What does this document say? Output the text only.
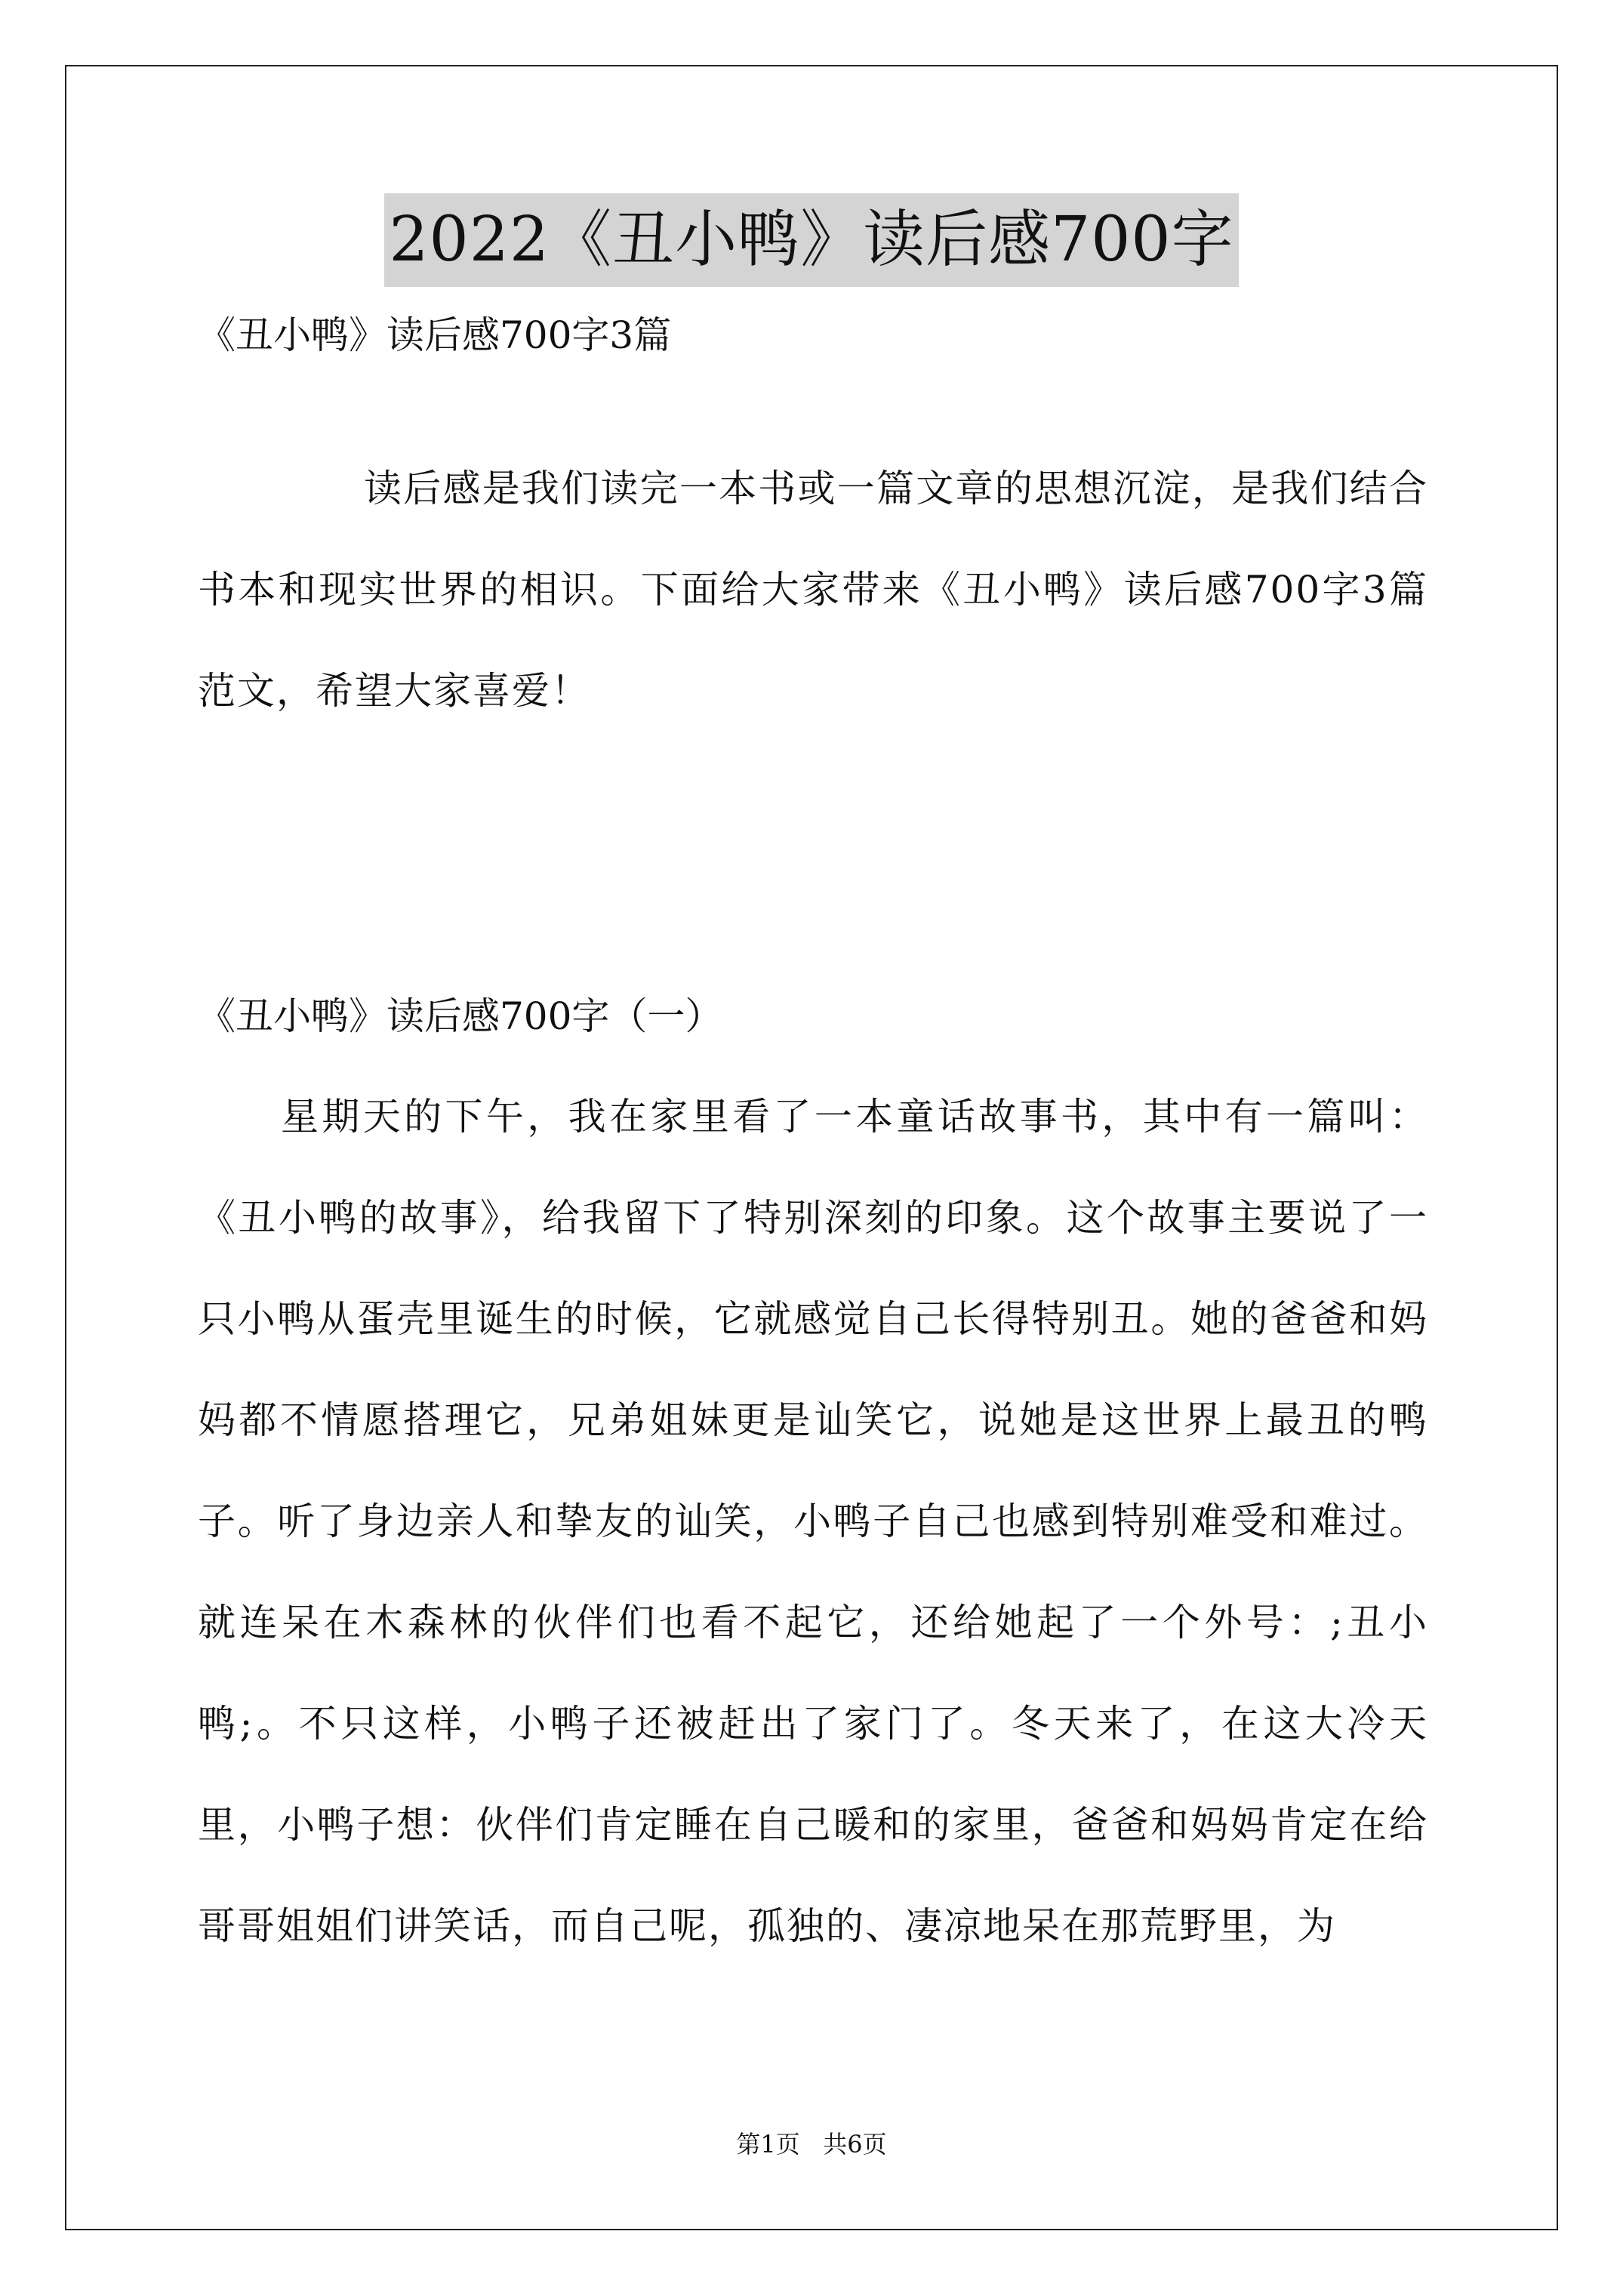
2022《丑小鸭》读后感700字
《丑小鸭》读后感700字3篇
读后感是我们读完一本书或一篇文章的思想沉淀，是我们结合书本和现实世界的相识。下面给大家带来《丑小鸭》读后感700字3篇范文，希望大家喜爱！
《丑小鸭》读后感700字（一）
星期天的下午，我在家里看了一本童话故事书，其中有一篇叫：《丑小鸭的故事》，给我留下了特别深刻的印象。这个故事主要说了一只小鸭从蛋壳里诞生的时候，它就感觉自己长得特别丑。她的爸爸和妈妈都不情愿搭理它，兄弟姐妹更是讪笑它，说她是这世界上最丑的鸭子。听了身边亲人和挚友的讪笑，小鸭子自己也感到特别难受和难过。就连呆在木森林的伙伴们也看不起它，还给她起了一个外号：;丑小鸭;。不只这样，小鸭子还被赶出了家门了。冬天来了，在这大冷天里，小鸭子想：伙伴们肯定睡在自己暖和的家里，爸爸和妈妈肯定在给哥哥姐姐们讲笑话，而自己呢，孤独的、凄凉地呆在那荒野里，为
第1页   共6页
